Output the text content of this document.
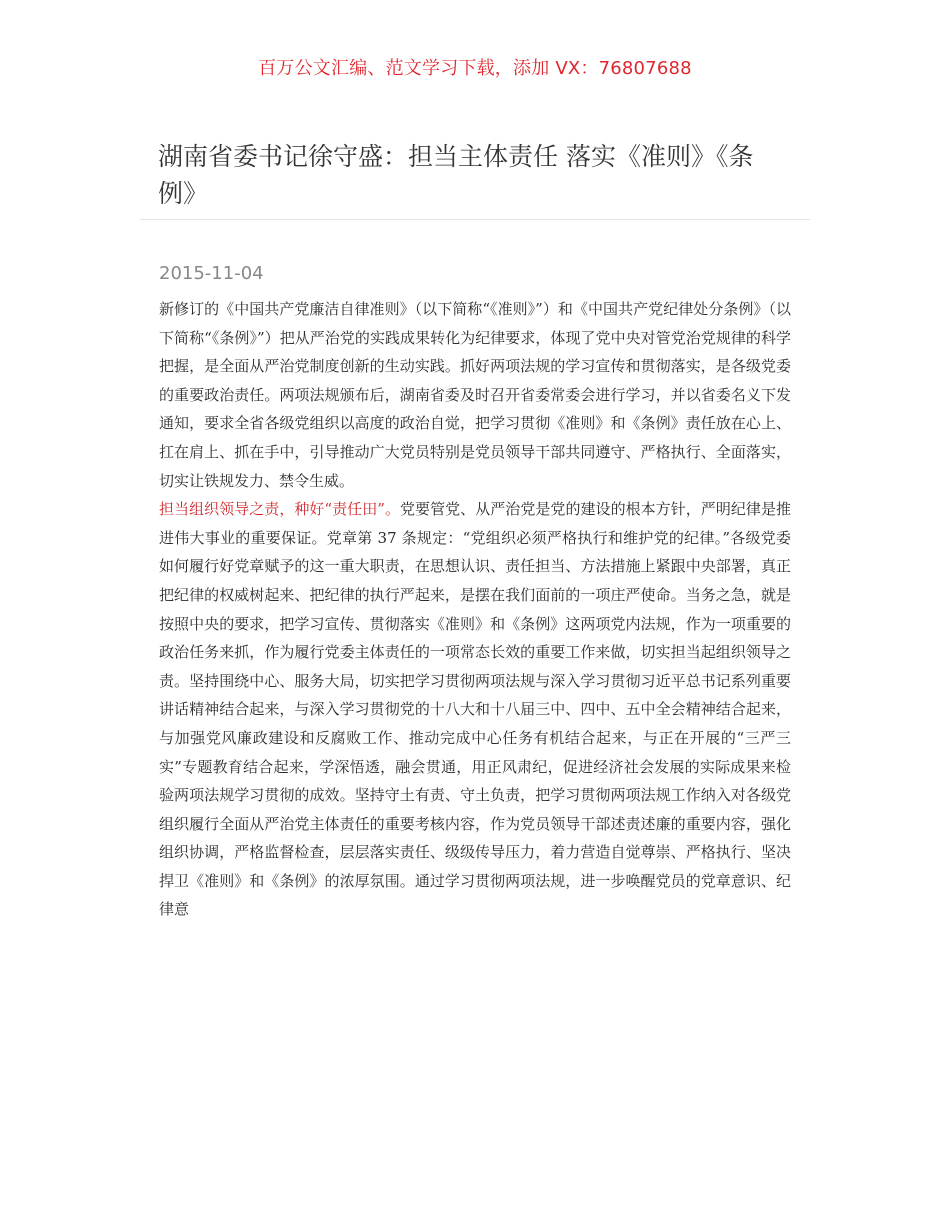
百万公文汇编、范文学习下载，添加 VX：76807688
湖南省委书记徐守盛：担当主体责任 落实《准则》《条例》
2015-11-04

新修订的《中国共产党廉洁自律准则》（以下简称“《准则》”）和《中国共产党纪律处分条例》（以下简称“《条例》”）把从严治党的实践成果转化为纪律要求，体现了党中央对管党治党规律的科学把握，是全面从严治党制度创新的生动实践。抓好两项法规的学习宣传和贯彻落实，是各级党委的重要政治责任。两项法规颁布后，湖南省委及时召开省委常委会进行学习，并以省委名义下发通知，要求全省各级党组织以高度的政治自觉，把学习贯彻《准则》和《条例》责任放在心上、扛在肩上、抓在手中，引导推动广大党员特别是党员领导干部共同遵守、严格执行、全面落实，切实让铁规发力、禁令生威。

担当组织领导之责，种好“责任田”。党要管党、从严治党是党的建设的根本方针，严明纪律是推进伟大事业的重要保证。党章第 37 条规定：“党组织必须严格执行和维护党的纪律。”各级党委如何履行好党章赋予的这一重大职责，在思想认识、责任担当、方法措施上紧跟中央部署，真正把纪律的权威树起来、把纪律的执行严起来，是摆在我们面前的一项庄严使命。当务之急，就是按照中央的要求，把学习宣传、贯彻落实《准则》和《条例》这两项党内法规，作为一项重要的政治任务来抓，作为履行党委主体责任的一项常态长效的重要工作来做，切实担当起组织领导之责。坚持围绕中心、服务大局，切实把学习贯彻两项法规与深入学习贯彻习近平总书记系列重要讲话精神结合起来，与深入学习贯彻党的十八大和十八届三中、四中、五中全会精神结合起来，与加强党风廉政建设和反腐败工作、推动完成中心任务有机结合起来，与正在开展的“三严三实”专题教育结合起来，学深悟透，融会贯通，用正风肃纪，促进经济社会发展的实际成果来检验两项法规学习贯彻的成效。坚持守土有责、守土负责，把学习贯彻两项法规工作纳入对各级党组织履行全面从严治党主体责任的重要考核内容，作为党员领导干部述责述廉的重要内容，强化组织协调，严格监督检查，层层落实责任、级级传导压力，着力营造自觉尊崇、严格执行、坚决捍卫《准则》和《条例》的浓厚氛围。通过学习贯彻两项法规，进一步唤醒党员的党章意识、纪律意
